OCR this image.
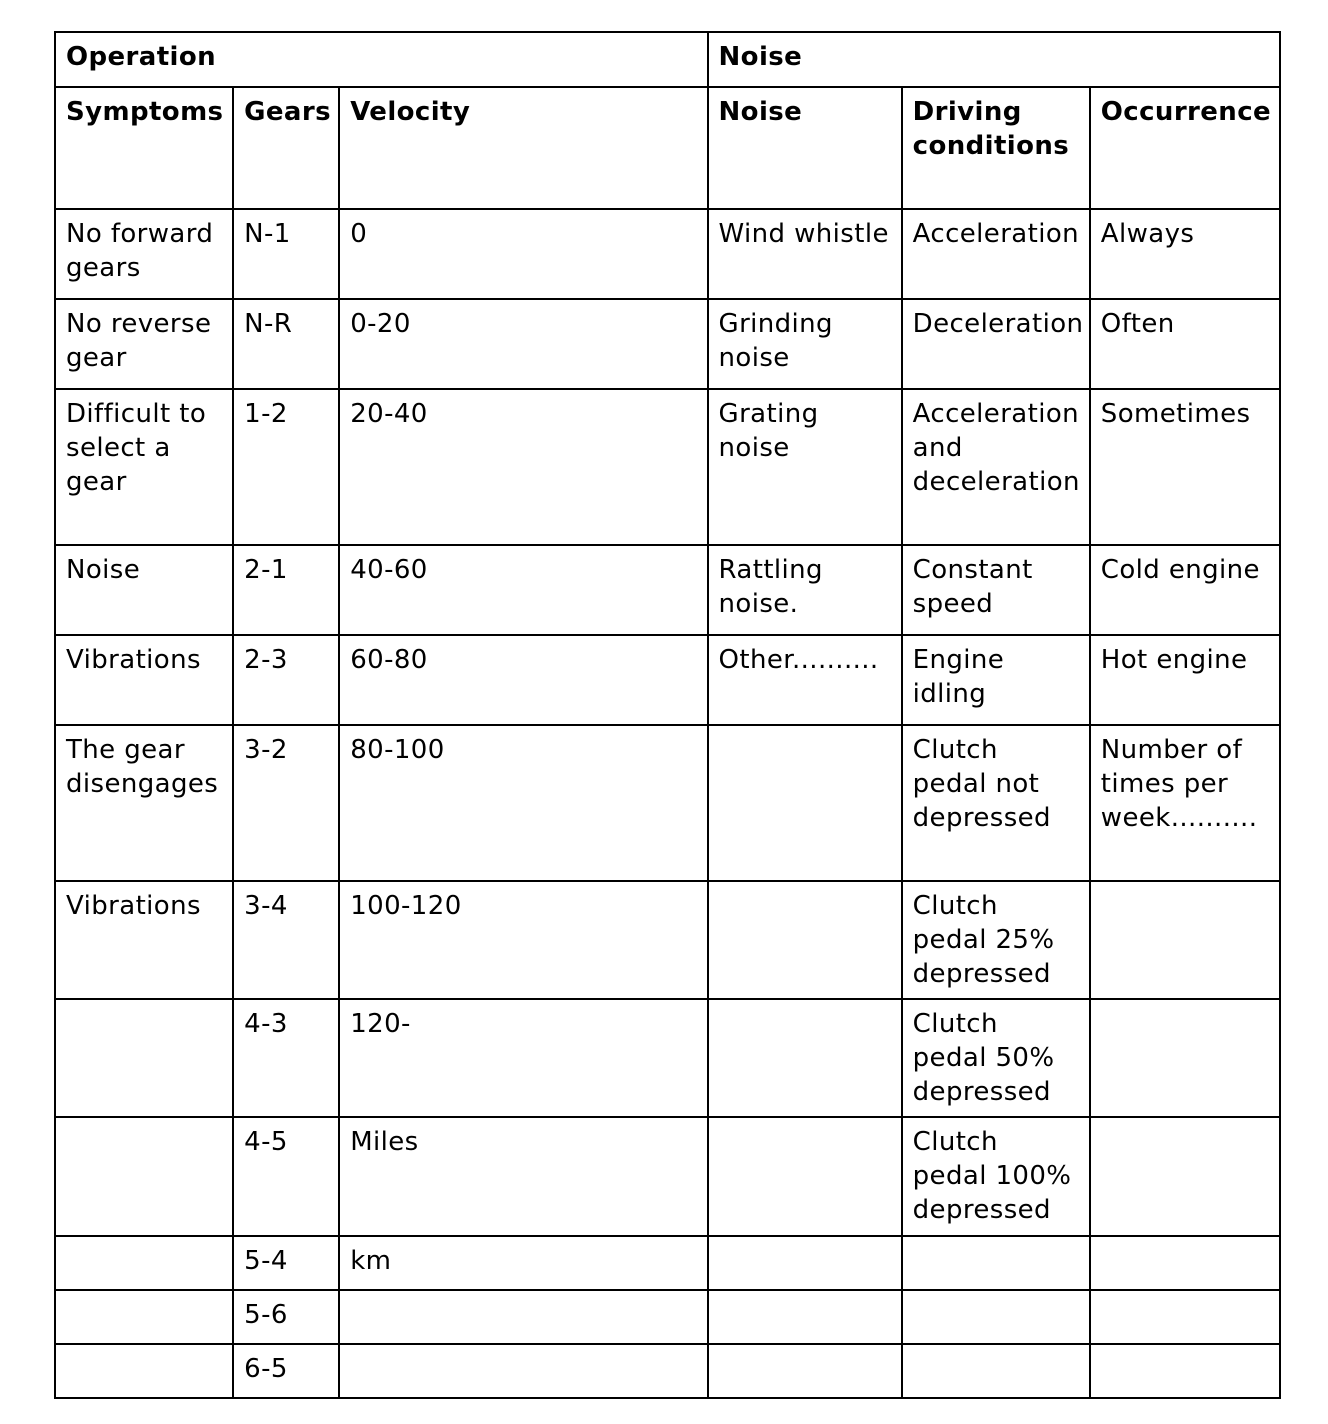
Operation			Noise		
Symptoms	Gears	Velocity	Noise	Driving conditions	Occurrence
No forward gears	N-1	0	Wind whistle	Acceleration	Always
No reverse gear	N-R	0-20	Grinding noise	Deceleration	Often
Difficult to select a gear	1-2	20-40	Grating noise	Acceleration and deceleration	Sometimes
Noise	2-1	40-60	Rattling noise.	Constant speed	Cold engine
Vibrations	2-3	60-80	Other..........	Engine idling	Hot engine
The gear disengages	3-2	80-100		Clutch pedal not depressed	Number of times per week..........
Vibrations	3-4	100-120		Clutch pedal 25% depressed	
	4-3	120-		Clutch pedal 50% depressed	
	4-5	Miles		Clutch pedal 100% depressed	
	5-4	km			
	5-6				
	6-5				
